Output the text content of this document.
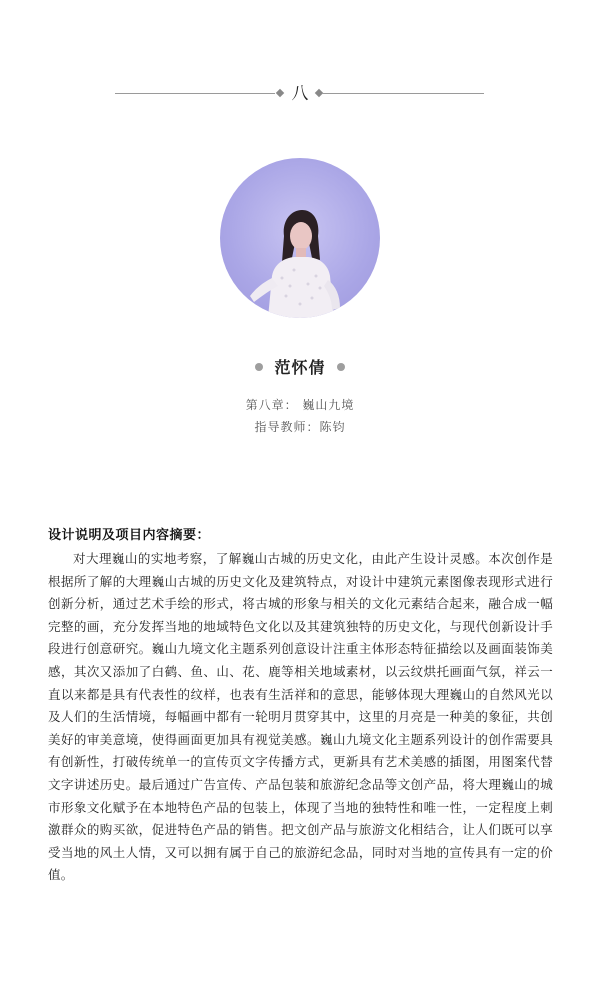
八
范怀倩
第八章： 巍山九境
指导教师：陈钧
设计说明及项目内容摘要：
对大理巍山的实地考察，了解巍山古城的历史文化，由此产生设计灵感。本次创作是根据所了解的大理巍山古城的历史文化及建筑特点，对设计中建筑元素图像表现形式进行创新分析，通过艺术手绘的形式，将古城的形象与相关的文化元素结合起来，融合成一幅完整的画，充分发挥当地的地域特色文化以及其建筑独特的历史文化，与现代创新设计手段进行创意研究。巍山九境文化主题系列创意设计注重主体形态特征描绘以及画面装饰美感，其次又添加了白鹤、鱼、山、花、鹿等相关地域素材，以云纹烘托画面气氛，祥云一直以来都是具有代表性的纹样，也表有生活祥和的意思，能够体现大理巍山的自然风光以及人们的生活情境，每幅画中都有一轮明月贯穿其中，这里的月亮是一种美的象征，共创美好的审美意境，使得画面更加具有视觉美感。巍山九境文化主题系列设计的创作需要具有创新性，打破传统单一的宣传页文字传播方式，更新具有艺术美感的插图，用图案代替文字讲述历史。最后通过广告宣传、产品包装和旅游纪念品等文创产品，将大理巍山的城市形象文化赋予在本地特色产品的包装上，体现了当地的独特性和唯一性，一定程度上刺激群众的购买欲，促进特色产品的销售。把文创产品与旅游文化相结合，让人们既可以享受当地的风土人情，又可以拥有属于自己的旅游纪念品，同时对当地的宣传具有一定的价值。
